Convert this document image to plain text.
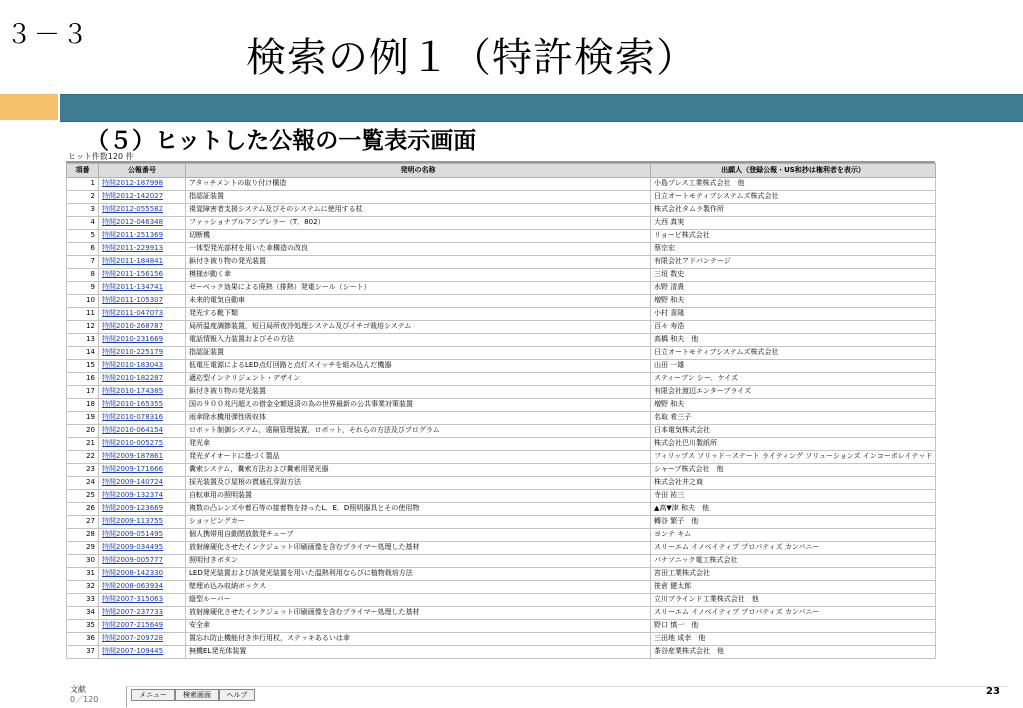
３－３	検索の例１（特許検索）
（５）ヒットした公報の一覧表示画面
ヒット件数120 件
項番	公報番号	発明の名称	出願人（登録公報・US和抄は権利者を表示）
1	特開2012-187998	アタッチメントの取り付け構造	小島プレス工業株式会社　他
2	特開2012-142027	指認証装置	日立オートモティブシステムズ株式会社
3	特開2012-055582	視覚障害者支援システム及びそのシステムに使用する杖	株式会社タムラ製作所
4	特開2012-046348	ファッショナブルアンブレラー（T．802）	大西 真実
5	特開2011-251369	切断機	リョービ株式会社
6	特開2011-229913	一体型発光部材を用いた傘構造の改良	蔡宗宏
7	特開2011-184841	鋲付き被り物の発光装置	有限会社アドバンテージ
8	特開2011-156156	模様が動く傘	三垣 数史
9	特開2011-134741	ゼーベック効果による廃熱（排熱）発電シール（シート）	水野 清貴
10	特開2011-105307	未来的電気自動車	増野 和夫
11	特開2011-047073	発光する靴下類	小村 喜隆
12	特開2010-268787	局所温度調節装置，短日局所夜冷処理システム及びイチゴ栽培システム	百々 寿浩
13	特開2010-231669	電話情報入力装置およびその方法	高橋 和夫　他
14	特開2010-225179	指認証装置	日立オートモティブシステムズ株式会社
15	特開2010-183043	低電圧電源によるLED点灯回路と点灯スイッチを組み込んだ機器	山田 一雄
16	特開2010-182287	適応型インテリジェント・デザイン	スティーブン シー．ケイズ
17	特開2010-174385	鋲付き被り物の発光装置	有限会社渡辺エンタープライズ
18	特開2010-165355	国の９００兆円超えの借金全額返済の為の世界最新の公共事業対策装置	増野 和夫
19	特開2010-078316	雨傘除水機用弾性吸収体	名取 希三子
20	特開2010-064154	ロボット制御システム，遠隔管理装置，ロボット，それらの方法及びプログラム	日本電気株式会社
21	特開2010-005275	発光傘	株式会社巴川製紙所
22	特開2009-187861	発光ダイオードに基づく製品	フィリップス ソリッド－ステート ライティング ソリューションズ インコーポレイテッド
23	特開2009-171666	糞索システム，糞索方法および糞索用発光器	シャープ株式会社　他
24	特開2009-140724	採光装置及び屋根の貫通孔穿設方法	株式会社井之商
25	特開2009-132374	自転車用の照明装置	寺田 祐三
26	特開2009-123669	複数の凸レンズや着石等の接着物を持ったL．E．D照明器具とその使用物	▲高▼津 和夫　他
27	特開2009-113755	ショッピングカー	轉谷 繁子　他
28	特開2009-051495	個人携帯用自動閉放散発チューブ	ヨンテ キム
29	特開2009-034495	放射線硬化させたインクジェット印刷画像を含むプライマー処理した基材	スリーエム イノベイティブ プロパティズ カンパニー
30	特開2009-005777	照明付きボタン	パナソニック電工株式会社
31	特開2008-142330	LED発光装置および該発光装置を用いた温熱利用ならびに植物栽培方法	宮田工業株式会社
32	特開2008-063934	壁埋め込み収納ボックス	笹倉 健太郎
33	特開2007-315063	縦型ルーバー	立川ブラインド工業株式会社　他
34	特開2007-237733	放射線硬化させたインクジェット印刷画像を含むプライマー処理した基材	スリーエム イノベイティブ プロパティズ カンパニー
35	特開2007-215649	安全傘	野口 慎一　他
36	特開2007-209728	置忘れ防止機能付き歩行用杖，ステッキあるいは傘	三田地 成幸　他
37	特開2007-109445	無機EL発光体装置	茶谷産業株式会社　他
文献
0／120	メニュー	検索画面	ヘルプ	23
